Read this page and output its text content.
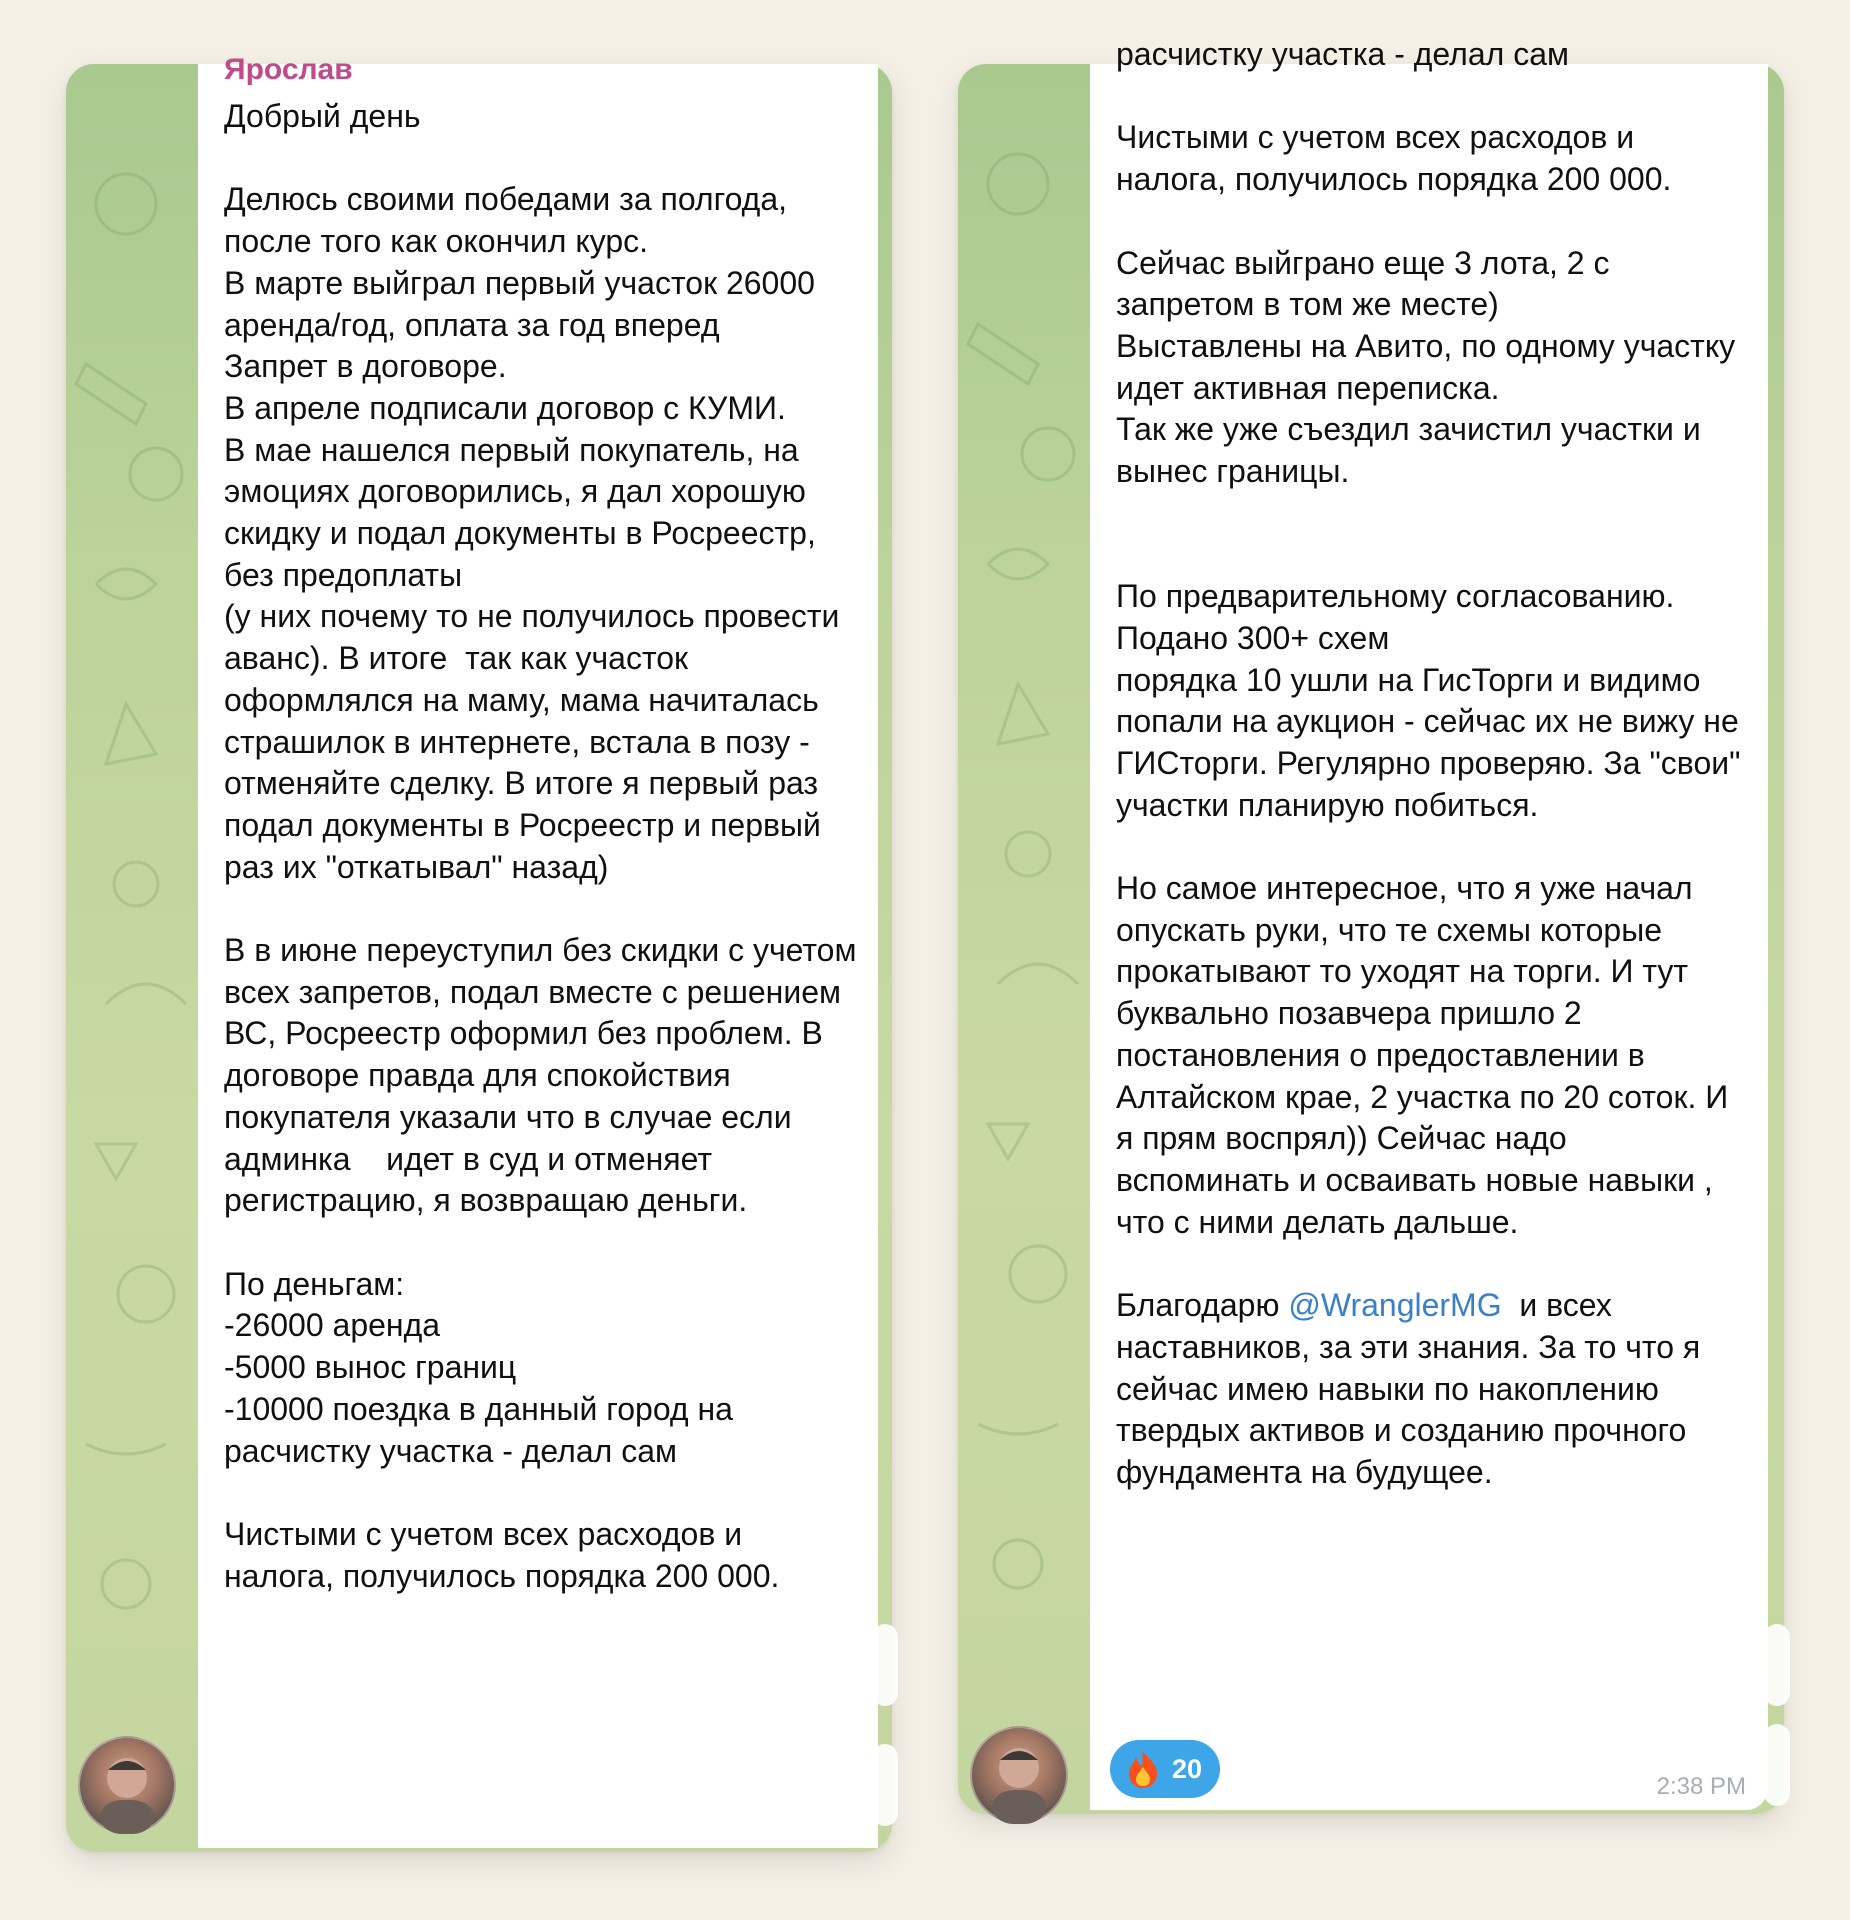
Ярослав
Добрый день

Делюсь своими победами за полгода, после того как окончил курс.
В марте выйграл первый участок 26000 аренда/год, оплата за год вперед
Запрет в договоре.
В апреле подписали договор с КУМИ.
В мае нашелся первый покупатель, на эмоциях договорились, я дал хорошую скидку и подал документы в Росреестр, без предоплаты
(у них почему то не получилось провести аванс). В итоге  так как участок оформлялся на маму, мама начиталась страшилок в интернете, встала в позу - отменяйте сделку. В итоге я первый раз подал документы в Росреестр и первый раз их "откатывал" назад)

В в июне переуступил без скидки с учетом всех запретов, подал вместе с решением ВС, Росреестр оформил без проблем. В договоре правда для спокойствия покупателя указали что в случае если админка    идет в суд и отменяет регистрацию, я возвращаю деньги.

По деньгам:
-26000 аренда
-5000 вынос границ
-10000 поездка в данный город на расчистку участка - делал сам

Чистыми с учетом всех расходов и налога, получилось порядка 200 000.
расчистку участка - делал сам

Чистыми с учетом всех расходов и налога, получилось порядка 200 000.

Сейчас выйграно еще 3 лота, 2 с запретом в том же месте)
Выставлены на Авито, по одному участку идет активная переписка.
Так же уже съездил зачистил участки и вынес границы.

По предварительному согласованию.
Подано 300+ схем
порядка 10 ушли на ГисТорги и видимо попали на аукцион - сейчас их не вижу не ГИСторги. Регулярно проверяю. За "свои" участки планирую побиться.

Но самое интересное, что я уже начал опускать руки, что те схемы которые прокатывают то уходят на торги. И тут буквально позавчера пришло 2 постановления о предоставлении в Алтайском крае, 2 участка по 20 соток. И я прям воспрял)) Сейчас надо вспоминать и осваивать новые навыки , что с ними делать дальше.

Благодарю @WranglerMG  и всех наставников, за эти знания. За то что я сейчас имею навыки по накоплению твердых активов и созданию прочного фундамента на будущее.
20
2:38 PM
